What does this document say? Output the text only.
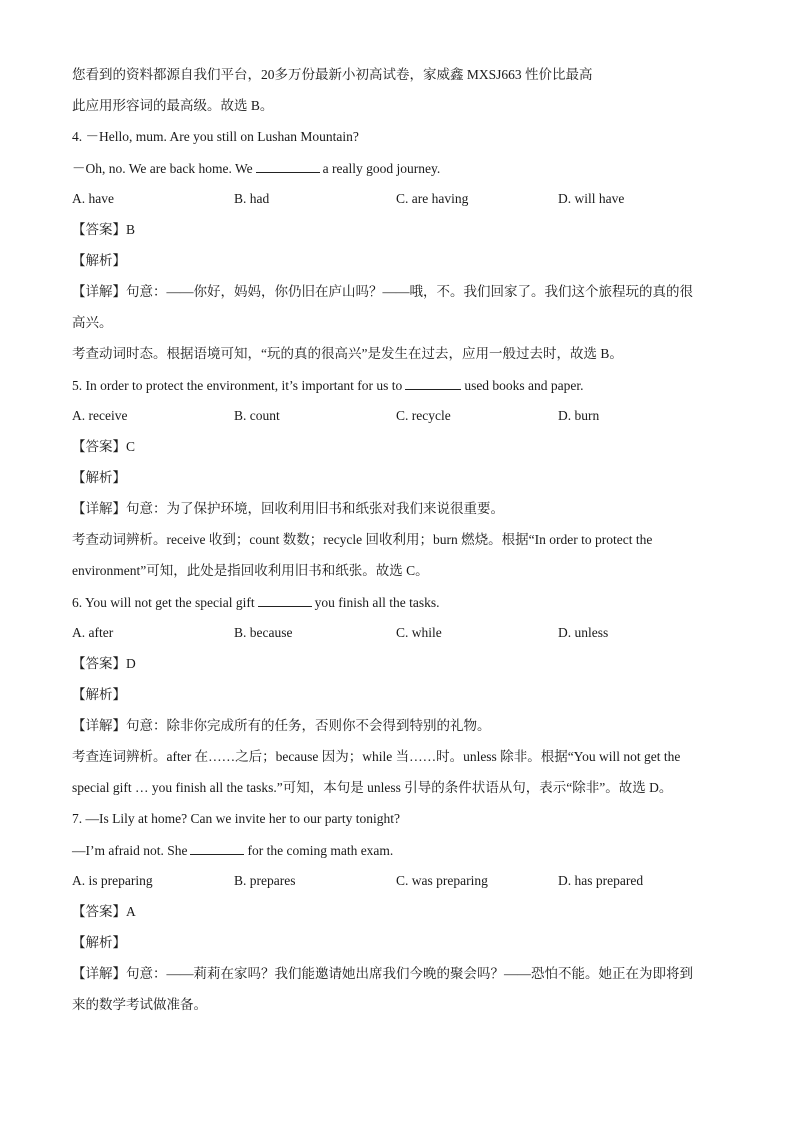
您看到的资料都源自我们平台，20多万份最新小初高试卷，家威鑫 MXSJ663 性价比最高
此应用形容词的最高级。故选 B。
4. －Hello, mum. Are you still on Lushan Mountain?
－Oh, no. We are back home. We	a really good journey.
A. have	B. had	C. are having	D. will have
【答案】B
【解析】
【详解】句意：——你好，妈妈，你仍旧在庐山吗？——哦，不。我们回家了。我们这个旅程玩的真的很
高兴。
考查动词时态。根据语境可知，“玩的真的很高兴”是发生在过去，应用一般过去时，故选 B。
5. In order to protect the environment, it’s important for us to	used books and paper.
A. receive	B. count	C. recycle	D. burn
【答案】C
【解析】
【详解】句意：为了保护环境，回收利用旧书和纸张对我们来说很重要。
考查动词辨析。receive 收到；count 数数；recycle 回收利用；burn 燃烧。根据“In order to protect the
environment”可知，此处是指回收利用旧书和纸张。故选 C。
6. You will not get the special gift	you finish all the tasks.
A. after	B. because	C. while	D. unless
【答案】D
【解析】
【详解】句意：除非你完成所有的任务，否则你不会得到特别的礼物。
考查连词辨析。after 在……之后；because 因为；while 当……时。unless 除非。根据“You will not get the
special gift … you finish all the tasks.”可知，本句是 unless 引导的条件状语从句，表示“除非”。故选 D。
7. —Is Lily at home? Can we invite her to our party tonight?
—I’m afraid not. She	for the coming math exam.
A. is preparing	B. prepares	C. was preparing	D. has prepared
【答案】A
【解析】
【详解】句意：——莉莉在家吗？我们能邀请她出席我们今晚的聚会吗？——恐怕不能。她正在为即将到
来的数学考试做准备。
